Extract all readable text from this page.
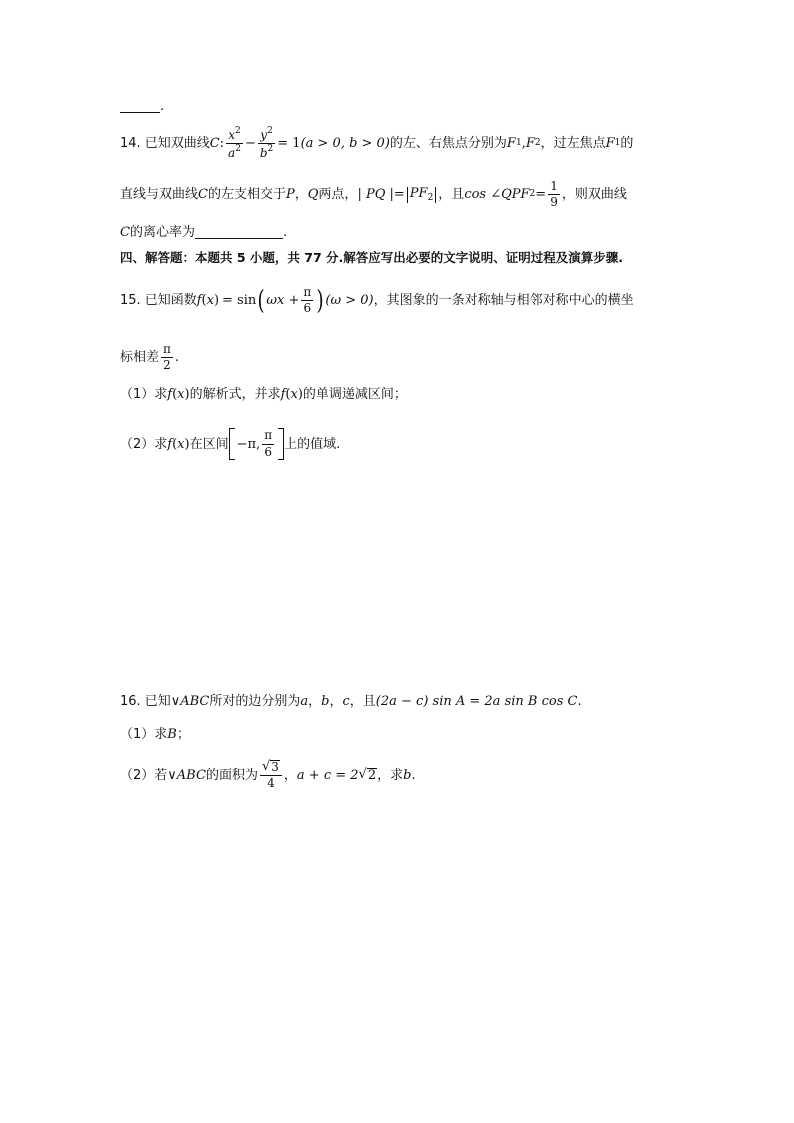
.
14. 已知双曲线 C : $\frac{x^2}{a^2} - \frac{y^2}{b^2} = 1$ (a > 0, b > 0) 的左、右焦点分别为 F 1 , F 2 ，过左焦点 F 1 的
直线与双曲线 C 的左支相交于 P ， Q 两点， | PQ | = $PF_2$ ，且 cos ∠QPF $2 = \frac{1}{9}$ ，则双曲线
C 的离心率为	.
四、解答题：本题共 5 小题，共 77 分.解答应写出必要的文字说明、证明过程及演算步骤.
15. 已知函数 f ( x ) = sin ( $\omega x + \frac{\pi}{6}$ ) (ω > 0) ，其图象的一条对称轴与相邻对称中心的横坐
标相差 $\frac{\pi}{2}$ .
（1）求 f ( x ) 的解析式，并求 f ( x ) 的单调递减区间；
（2）求 f ( x ) 在区间 −π, $\frac{\pi}{6}$ 上的值域.
16. 已知 ∨ABC 所对的边分别为 a ， b ， c ，且 (2a − c) sin A = 2a sin B cos C .
（1）求 B ；
（2）若 ∨ABC 的面积为 $\frac{√ 3}{4}$ ， a + c = 2 √ 2 ，求 b .
